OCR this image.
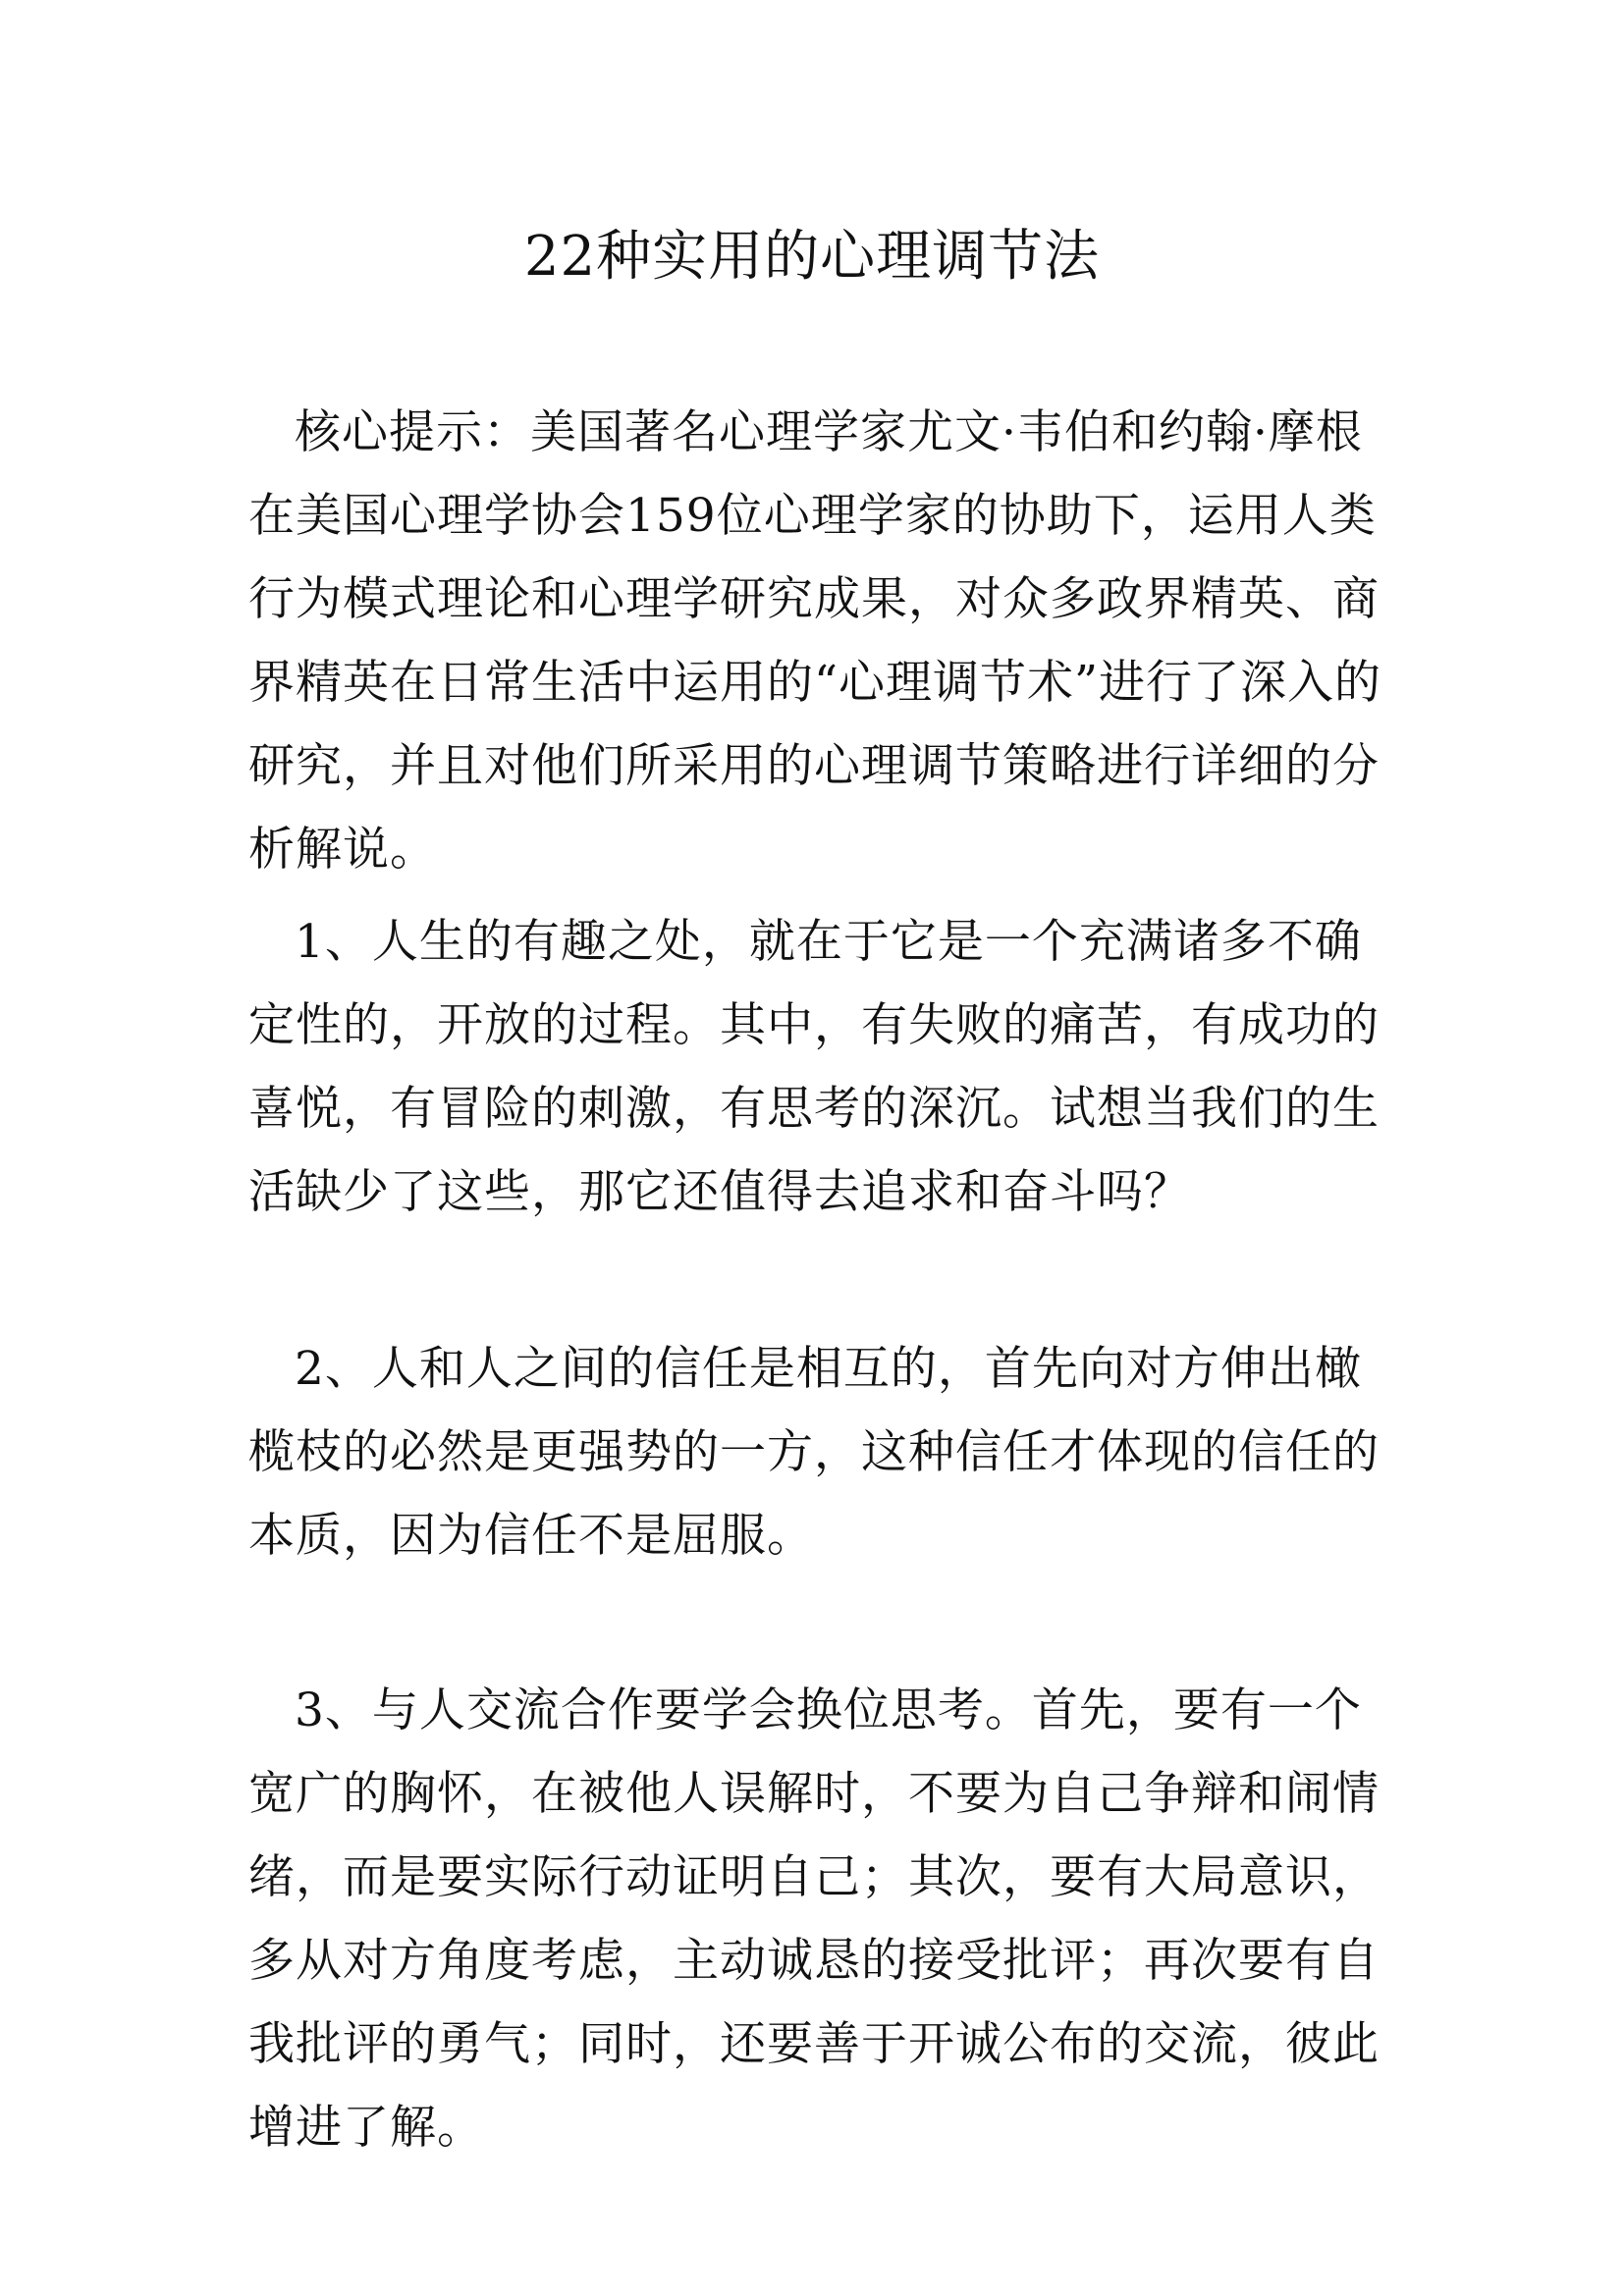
22种实用的心理调节法

核心提示：美国著名心理学家尤文·韦伯和约翰·摩根在美国心理学协会159位心理学家的协助下，运用人类行为模式理论和心理学研究成果，对众多政界精英、商界精英在日常生活中运用的“心理调节术”进行了深入的研究，并且对他们所采用的心理调节策略进行详细的分析解说。

1、人生的有趣之处，就在于它是一个充满诸多不确定性的，开放的过程。其中，有失败的痛苦，有成功的喜悦，有冒险的刺激，有思考的深沉。试想当我们的生活缺少了这些，那它还值得去追求和奋斗吗？

2、人和人之间的信任是相互的，首先向对方伸出橄榄枝的必然是更强势的一方，这种信任才体现的信任的本质，因为信任不是屈服。

3、与人交流合作要学会换位思考。首先，要有一个宽广的胸怀，在被他人误解时，不要为自己争辩和闹情绪，而是要实际行动证明自己；其次，要有大局意识，多从对方角度考虑，主动诚恳的接受批评；再次要有自我批评的勇气；同时，还要善于开诚公布的交流，彼此增进了解。
